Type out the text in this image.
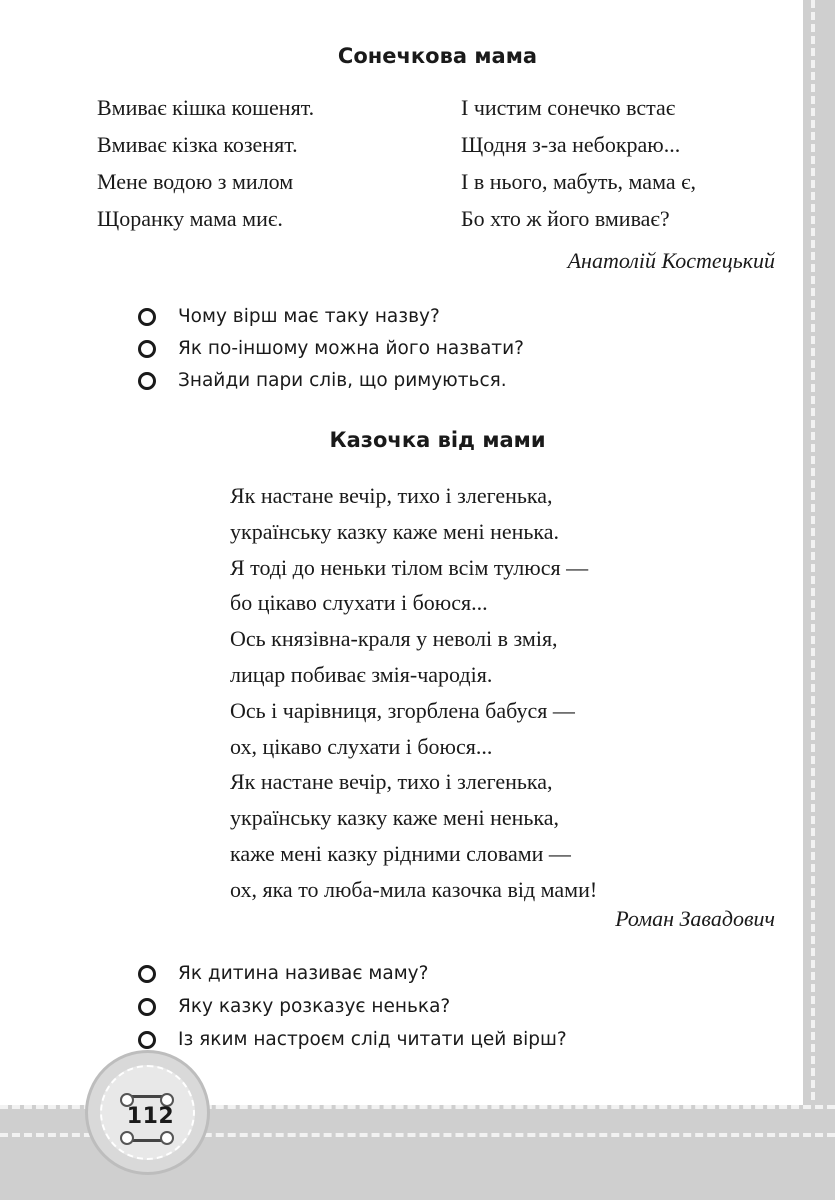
Сонечкова мама
Вмиває кішка кошенят.
Вмиває кізка козенят.
Мене водою з милом
Щоранку мама миє.
І чистим сонечко встає
Щодня з-за небокраю...
І в нього, мабуть, мама є,
Бо хто ж його вмиває?
Анатолій Костецький
Чому вірш має таку назву?
Як по-іншому можна його назвати?
Знайди пари слів, що римуються.
Казочка від мами
Як настане вечір, тихо і злегенька,
українську казку каже мені ненька.
Я тоді до неньки тілом всім тулюся —
бо цікаво слухати і боюся...
Ось князівна-краля у неволі в змія,
лицар побиває змія-чародія.
Ось і чарівниця, згорблена бабуся —
ох, цікаво слухати і боюся...
Як настане вечір, тихо і злегенька,
українську казку каже мені ненька,
каже мені казку рідними словами —
ох, яка то люба-мила казочка від мами!
Роман Завадович
Як дитина називає маму?
Яку казку розказує ненька?
Із яким настроєм слід читати цей вірш?
112
